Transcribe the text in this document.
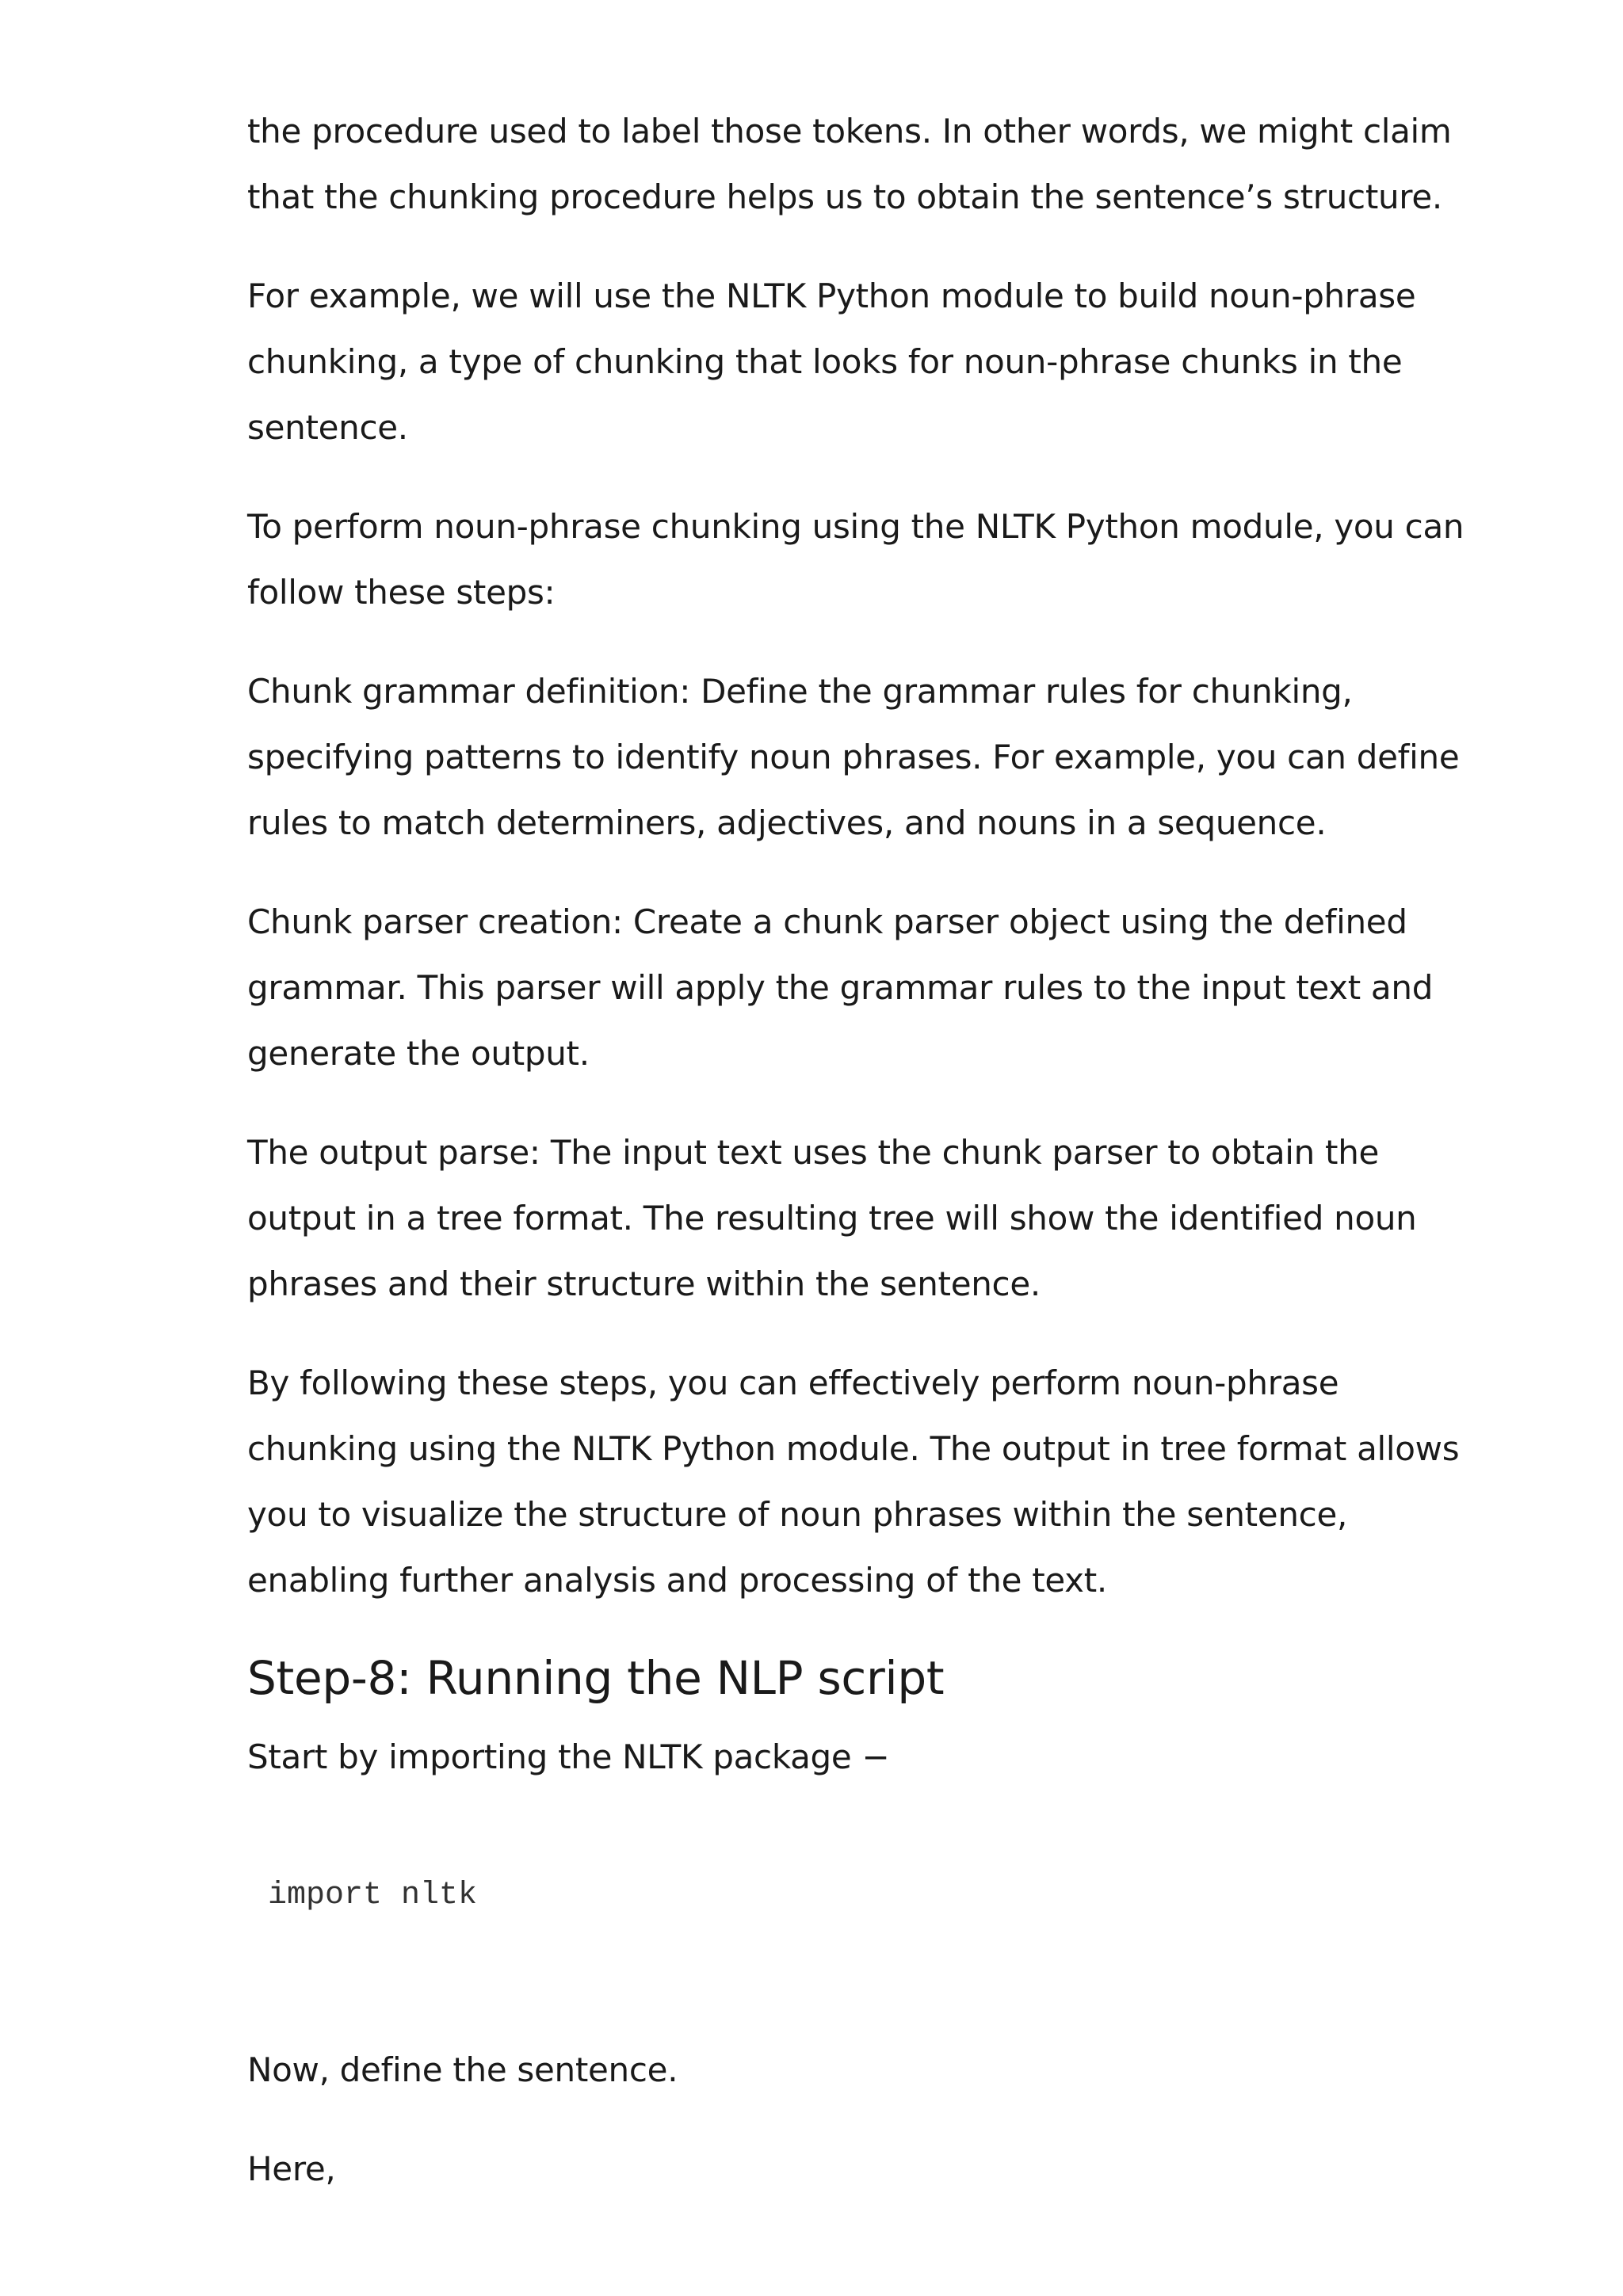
the procedure used to label those tokens. In other words, we might claim that the chunking procedure helps us to obtain the sentence’s structure.

For example, we will use the NLTK Python module to build noun-phrase chunking, a type of chunking that looks for noun-phrase chunks in the sentence.

To perform noun-phrase chunking using the NLTK Python module, you can follow these steps:

Chunk grammar definition: Define the grammar rules for chunking, specifying patterns to identify noun phrases. For example, you can define rules to match determiners, adjectives, and nouns in a sequence.

Chunk parser creation: Create a chunk parser object using the defined grammar. This parser will apply the grammar rules to the input text and generate the output.

The output parse: The input text uses the chunk parser to obtain the output in a tree format. The resulting tree will show the identified noun phrases and their structure within the sentence.

By following these steps, you can effectively perform noun-phrase chunking using the NLTK Python module. The output in tree format allows you to visualize the structure of noun phrases within the sentence, enabling further analysis and processing of the text.

Step-8: Running the NLP script

Start by importing the NLTK package −

import nltk

Now, define the sentence.

Here,
